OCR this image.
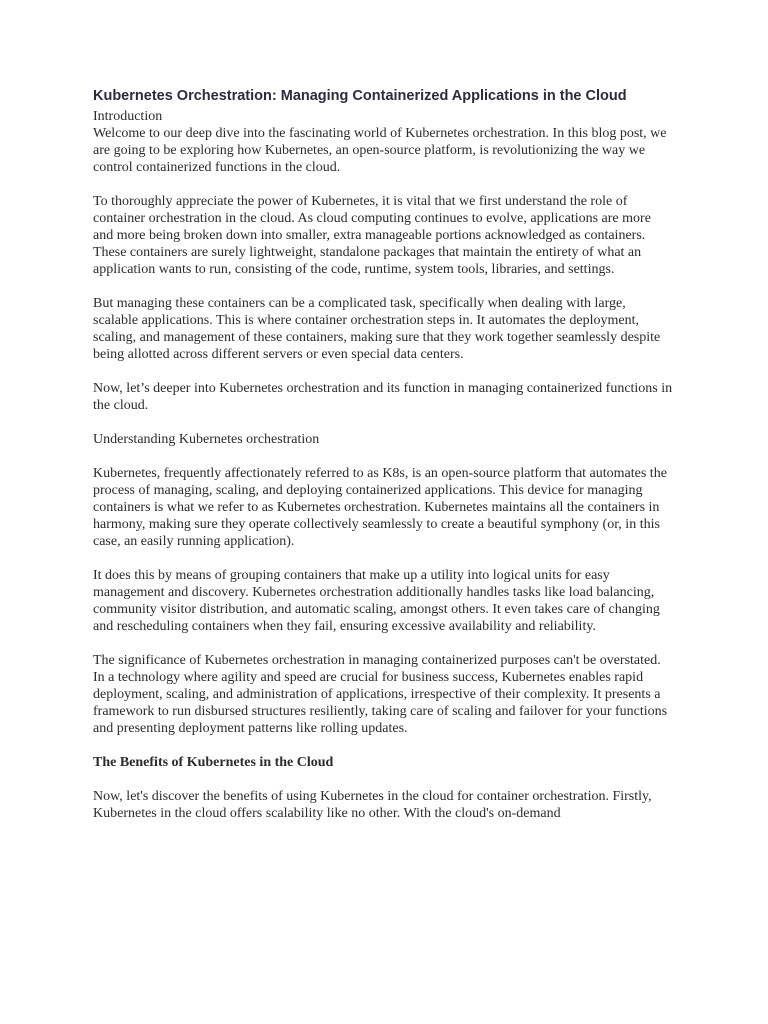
Kubernetes Orchestration: Managing Containerized Applications in the Cloud
Introduction

Welcome to our deep dive into the fascinating world of Kubernetes orchestration. In this blog post, we are going to be exploring how Kubernetes, an open-source platform, is revolutionizing the way we control containerized functions in the cloud.

To thoroughly appreciate the power of Kubernetes, it is vital that we first understand the role of container orchestration in the cloud. As cloud computing continues to evolve, applications are more and more being broken down into smaller, extra manageable portions acknowledged as containers. These containers are surely lightweight, standalone packages that maintain the entirety of what an application wants to run, consisting of the code, runtime, system tools, libraries, and settings.

But managing these containers can be a complicated task, specifically when dealing with large, scalable applications. This is where container orchestration steps in. It automates the deployment, scaling, and management of these containers, making sure that they work together seamlessly despite being allotted across different servers or even special data centers.

Now, let’s deeper into Kubernetes orchestration and its function in managing containerized functions in the cloud.

Understanding Kubernetes orchestration

Kubernetes, frequently affectionately referred to as K8s, is an open-source platform that automates the process of managing, scaling, and deploying containerized applications. This device for managing containers is what we refer to as Kubernetes orchestration. Kubernetes maintains all the containers in harmony, making sure they operate collectively seamlessly to create a beautiful symphony (or, in this case, an easily running application).

It does this by means of grouping containers that make up a utility into logical units for easy management and discovery. Kubernetes orchestration additionally handles tasks like load balancing, community visitor distribution, and automatic scaling, amongst others. It even takes care of changing and rescheduling containers when they fail, ensuring excessive availability and reliability.

The significance of Kubernetes orchestration in managing containerized purposes can't be overstated. In a technology where agility and speed are crucial for business success, Kubernetes enables rapid deployment, scaling, and administration of applications, irrespective of their complexity. It presents a framework to run disbursed structures resiliently, taking care of scaling and failover for your functions and presenting deployment patterns like rolling updates.

The Benefits of Kubernetes in the Cloud

Now, let's discover the benefits of using Kubernetes in the cloud for container orchestration. Firstly, Kubernetes in the cloud offers scalability like no other. With the cloud's on-demand
